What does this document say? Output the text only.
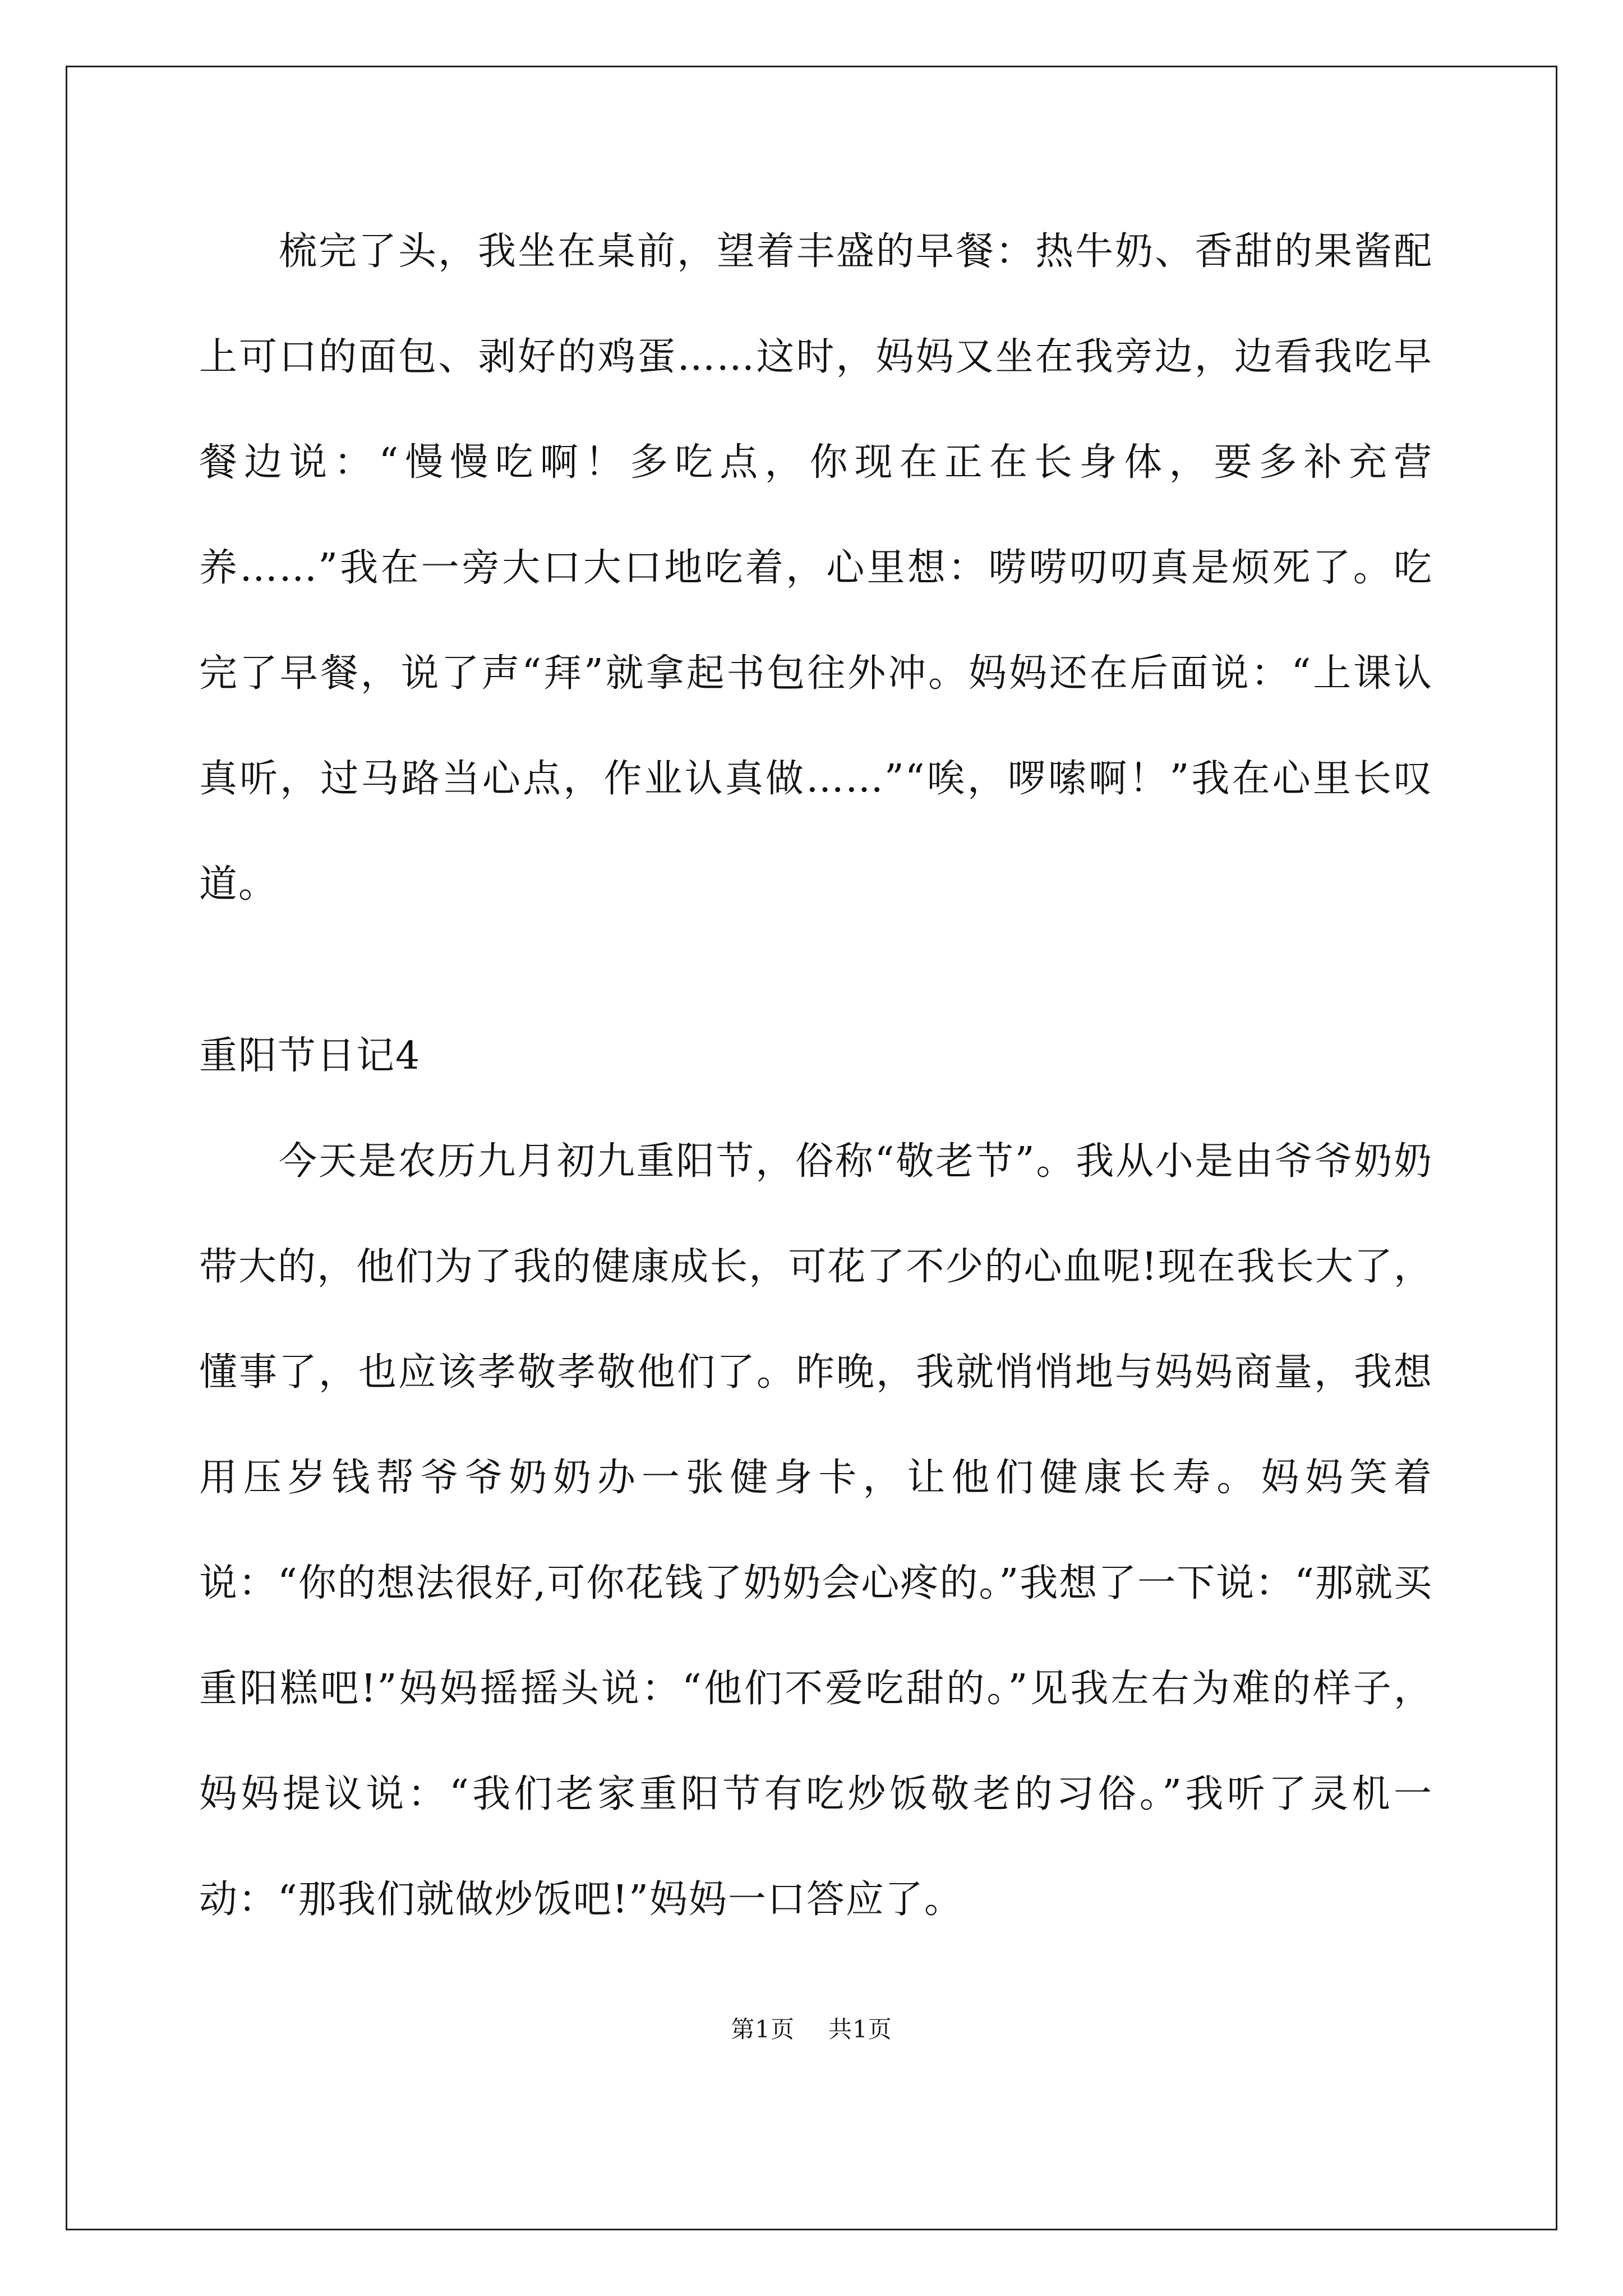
梳完了头，我坐在桌前，望着丰盛的早餐：热牛奶、香甜的果酱配上可口的面包、剥好的鸡蛋……这时，妈妈又坐在我旁边，边看我吃早餐边说：“慢慢吃啊！多吃点，你现在正在长身体，要多补充营养……”我在一旁大口大口地吃着，心里想：唠唠叨叨真是烦死了。吃完了早餐，说了声“拜”就拿起书包往外冲。妈妈还在后面说：“上课认真听，过马路当心点，作业认真做……”“唉，啰嗦啊！”我在心里长叹道。

重阳节日记4

今天是农历九月初九重阳节，俗称“敬老节”。我从小是由爷爷奶奶带大的，他们为了我的健康成长，可花了不少的心血呢!现在我长大了，懂事了，也应该孝敬孝敬他们了。昨晚，我就悄悄地与妈妈商量，我想用压岁钱帮爷爷奶奶办一张健身卡，让他们健康长寿。妈妈笑着说：“你的想法很好,可你花钱了奶奶会心疼的。”我想了一下说：“那就买重阳糕吧!”妈妈摇摇头说：“他们不爱吃甜的。”见我左右为难的样子，妈妈提议说：“我们老家重阳节有吃炒饭敬老的习俗。”我听了灵机一动：“那我们就做炒饭吧!”妈妈一口答应了。

第1页 共1页
